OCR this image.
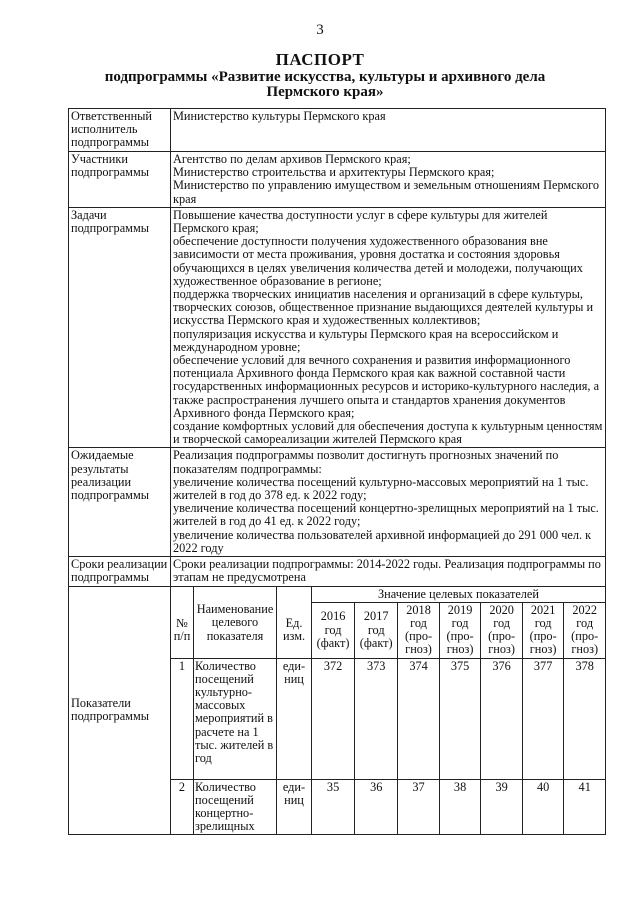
3
ПАСПОРТ
подпрограммы «Развитие искусства, культуры и архивного дела Пермского края»
Ответственный исполнитель подпрограммы	
Министерство культуры Пермского края

Участники подпрограммы	
Агентство по делам архивов Пермского края;
Министерство строительства и архитектуры Пермского края;
Министерство по управлению имуществом и земельным отношениям Пермского края

Задачи подпрограммы	
Повышение качества доступности услуг в сфере культуры для жителей Пермского края;
обеспечение доступности получения художественного образования вне зависимости от места проживания, уровня достатка и состояния здоровья обучающихся в целях увеличения количества детей и молодежи, получающих художественное образование в регионе;
поддержка творческих инициатив населения и организаций в сфере культуры, творческих союзов, общественное признание выдающихся деятелей культуры и искусства Пермского края и художественных коллективов;
популяризация искусства и культуры Пермского края на всероссийском и международном уровне;
обеспечение условий для вечного сохранения и развития информационного потенциала Архивного фонда Пермского края как важной составной части государственных информационных ресурсов и историко-культурного наследия, а также распространения лучшего опыта и стандартов хранения документов Архивного фонда Пермского края;
создание комфортных условий для обеспечения доступа к культурным ценностям и творческой самореализации жителей Пермского края

Ожидаемые результаты реализации подпрограммы	
Реализация подпрограммы позволит достигнуть прогнозных значений по показателям подпрограммы:
увеличение количества посещений культурно-массовых мероприятий на 1 тыс. жителей в год до 378 ед. к 2022 году;
увеличение количества посещений концертно-зрелищных мероприятий на 1 тыс. жителей в год до 41 ед. к 2022 году;
увеличение количества пользователей архивной информацией до 291 000 чел. к 2022 году

Сроки реализации подпрограммы	
Сроки реализации подпрограммы: 2014-2022 годы. Реализация подпрограммы по этапам не предусмотрена

Показатели подпрограммы	
			Значение целевых показателей
№ п/п	Наименование целевого показателя	Ед. изм.	2016 год (факт)	2017 год (факт)	2018 год (про-гноз)	2019 год (про-гноз)	2020 год (про-гноз)	2021 год (про-гноз)	2022 год (про-гноз)
1	Количество посещений культурно-массовых мероприятий в расчете на 1 тыс. жителей в год	еди-ниц	372	373	374	375	376	377	378
2	Количество посещений концертно-зрелищных	еди-ниц	35	36	37	38	39	40	41
